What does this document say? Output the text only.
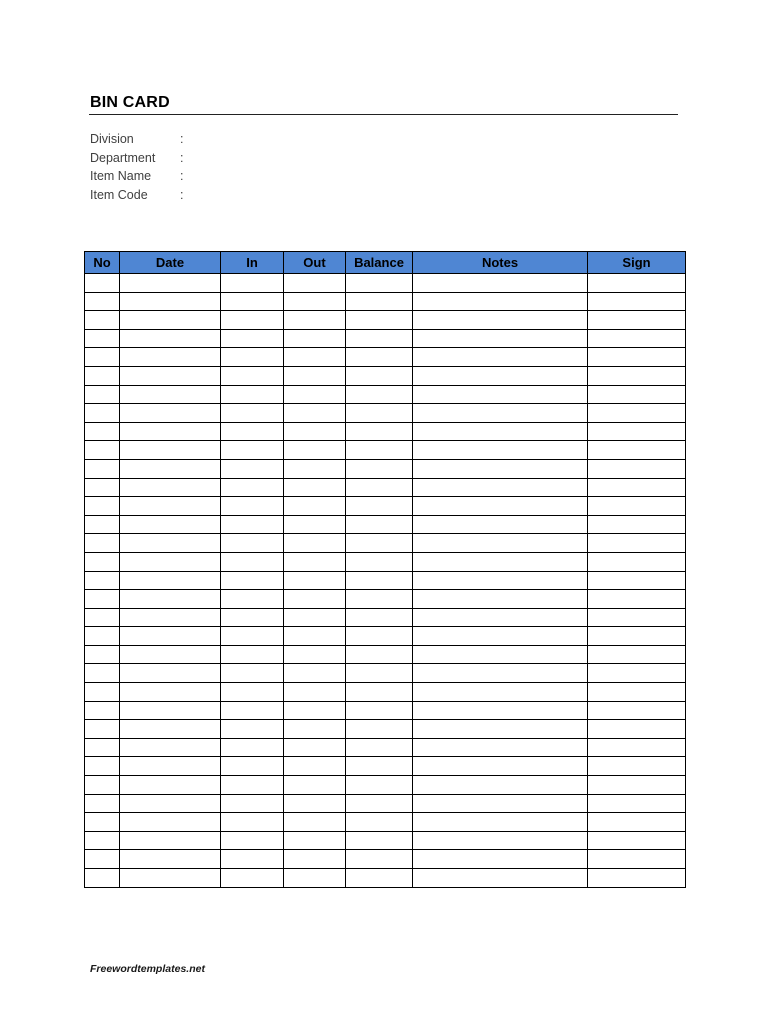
BIN CARD
Division	:
Department	:
Item Name	:
Item Code	:
No	Date	In	Out	Balance	Notes	Sign

Freewordtemplates.net
